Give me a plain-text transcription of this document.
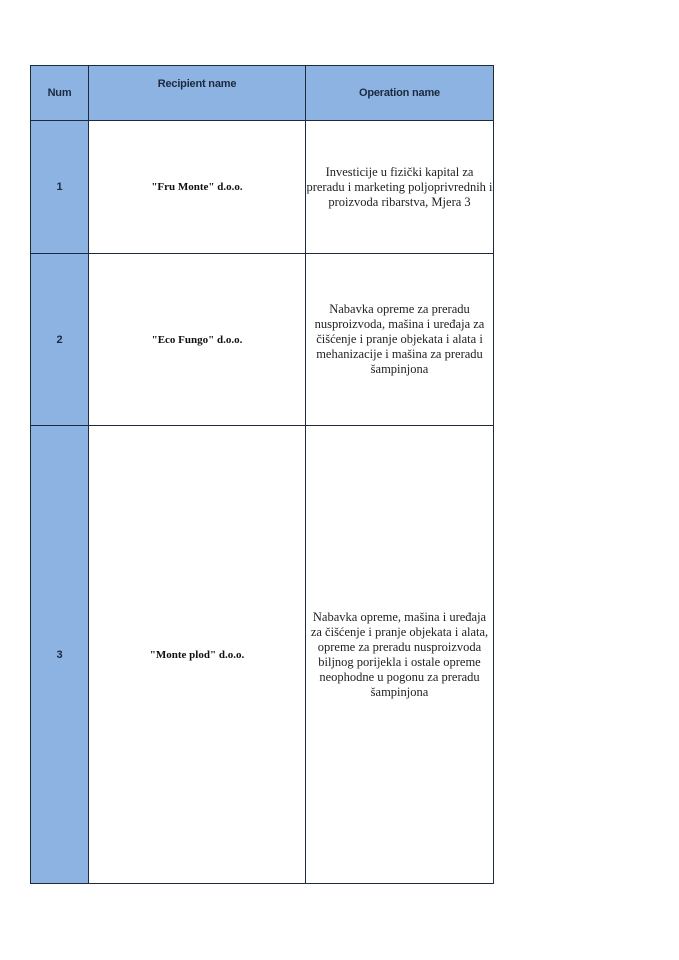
Num	Recipient name	Operation name
1	"Fru Monte" d.o.o.	Investicije u fizički kapital za preradu i marketing poljoprivrednih i proizvoda ribarstva, Mjera 3
2	"Eco Fungo" d.o.o.	Nabavka opreme za preradu nusproizvoda, mašina i uređaja za čišćenje i pranje objekata i alata i mehanizacije i mašina za preradu šampinjona
3	"Monte plod" d.o.o.	Nabavka opreme, mašina i uređaja za čišćenje i pranje objekata i alata, opreme za preradu nusproizvoda biljnog porijekla i ostale opreme neophodne u pogonu za preradu šampinjona
